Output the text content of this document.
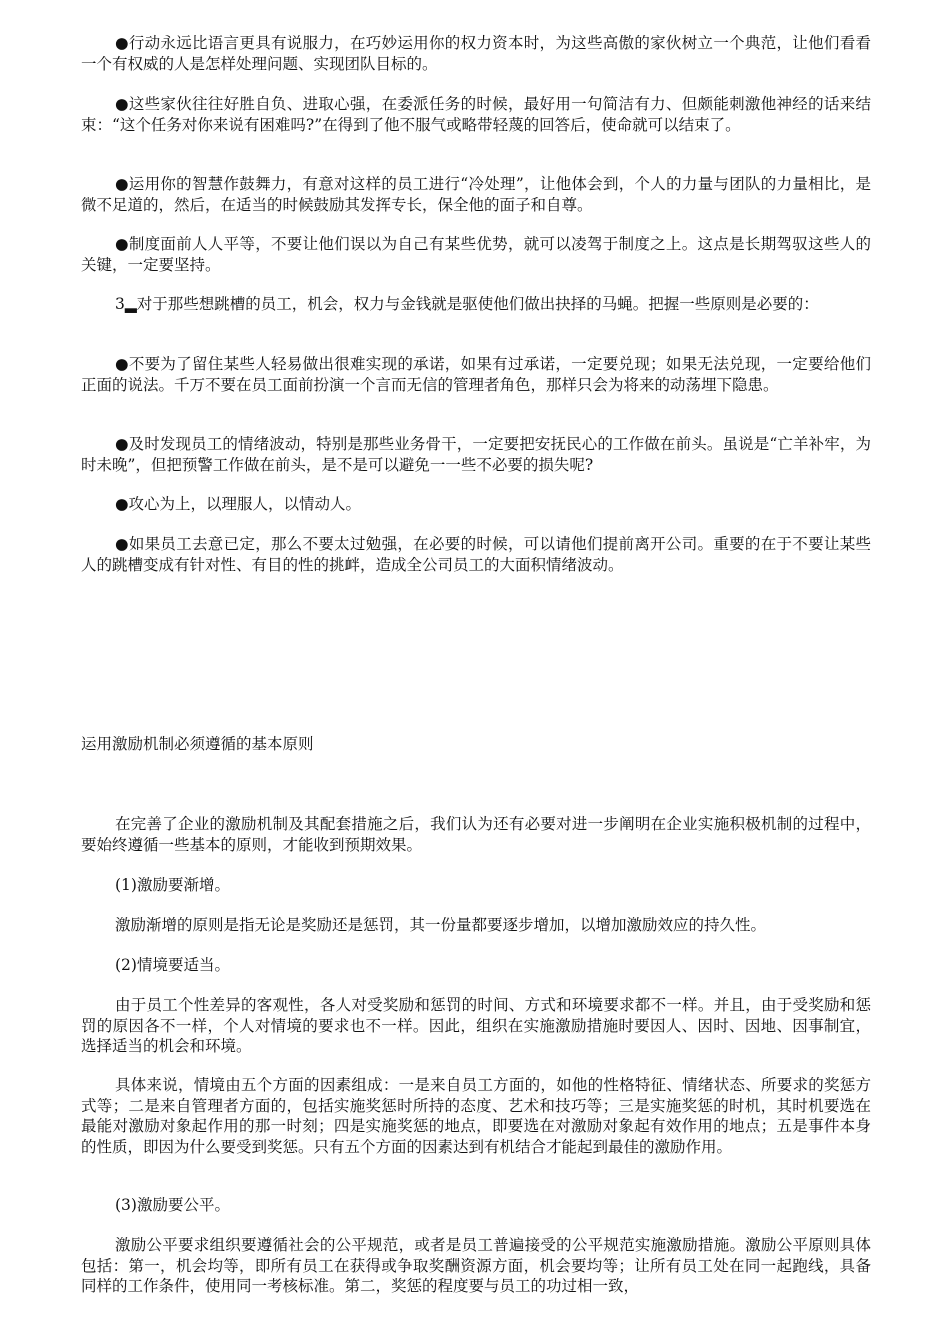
●行动永远比语言更具有说服力，在巧妙运用你的权力资本时，为这些高傲的家伙树立一个典范，让他们看看一个有权威的人是怎样处理问题、实现团队目标的。

●这些家伙往往好胜自负、进取心强，在委派任务的时候，最好用一句简洁有力、但颇能刺激他神经的话来结束：“这个任务对你来说有困难吗?”在得到了他不服气或略带轻蔑的回答后，使命就可以结束了。

●运用你的智慧作鼓舞力，有意对这样的员工进行“冷处理”，让他体会到，个人的力量与团队的力量相比，是微不足道的，然后，在适当的时候鼓励其发挥专长，保全他的面子和自尊。

●制度面前人人平等，不要让他们误以为自己有某些优势，就可以凌驾于制度之上。这点是长期驾驭这些人的关键，一定要坚持。

3▂对于那些想跳槽的员工，机会，权力与金钱就是驱使他们做出抉择的马蝇。把握一些原则是必要的：

●不要为了留住某些人轻易做出很难实现的承诺，如果有过承诺，一定要兑现；如果无法兑现，一定要给他们正面的说法。千万不要在员工面前扮演一个言而无信的管理者角色，那样只会为将来的动荡埋下隐患。

●及时发现员工的情绪波动，特别是那些业务骨干，一定要把安抚民心的工作做在前头。虽说是“亡羊补牢，为时未晚”，但把预警工作做在前头，是不是可以避免一一些不必要的损失呢?

●攻心为上，以理服人，以情动人。

●如果员工去意已定，那么不要太过勉强，在必要的时候，可以请他们提前离开公司。重要的在于不要让某些人的跳槽变成有针对性、有目的性的挑衅，造成全公司员工的大面积情绪波动。

运用激励机制必须遵循的基本原则

在完善了企业的激励机制及其配套措施之后，我们认为还有必要对进一步阐明在企业实施积极机制的过程中，要始终遵循一些基本的原则，才能收到预期效果。

(1)激励要渐增。

激励渐增的原则是指无论是奖励还是惩罚，其一份量都要逐步增加，以增加激励效应的持久性。

(2)情境要适当。

由于员工个性差异的客观性，各人对受奖励和惩罚的时间、方式和环境要求都不一样。并且，由于受奖励和惩罚的原因各不一样，个人对情境的要求也不一样。因此，组织在实施激励措施时要因人、因时、因地、因事制宜，选择适当的机会和环境。

具体来说，情境由五个方面的因素组成：一是来自员工方面的，如他的性格特征、情绪状态、所要求的奖惩方式等；二是来自管理者方面的，包括实施奖惩时所持的态度、艺术和技巧等；三是实施奖惩的时机，其时机要选在最能对激励对象起作用的那一时刻；四是实施奖惩的地点，即要选在对激励对象起有效作用的地点；五是事件本身的性质，即因为什么要受到奖惩。只有五个方面的因素达到有机结合才能起到最佳的激励作用。

(3)激励要公平。

激励公平要求组织要遵循社会的公平规范，或者是员工普遍接受的公平规范实施激励措施。激励公平原则具体包括：第一，机会均等，即所有员工在获得或争取奖酬资源方面，机会要均等；让所有员工处在同一起跑线，具备同样的工作条件，使用同一考核标准。第二，奖惩的程度要与员工的功过相一致，
